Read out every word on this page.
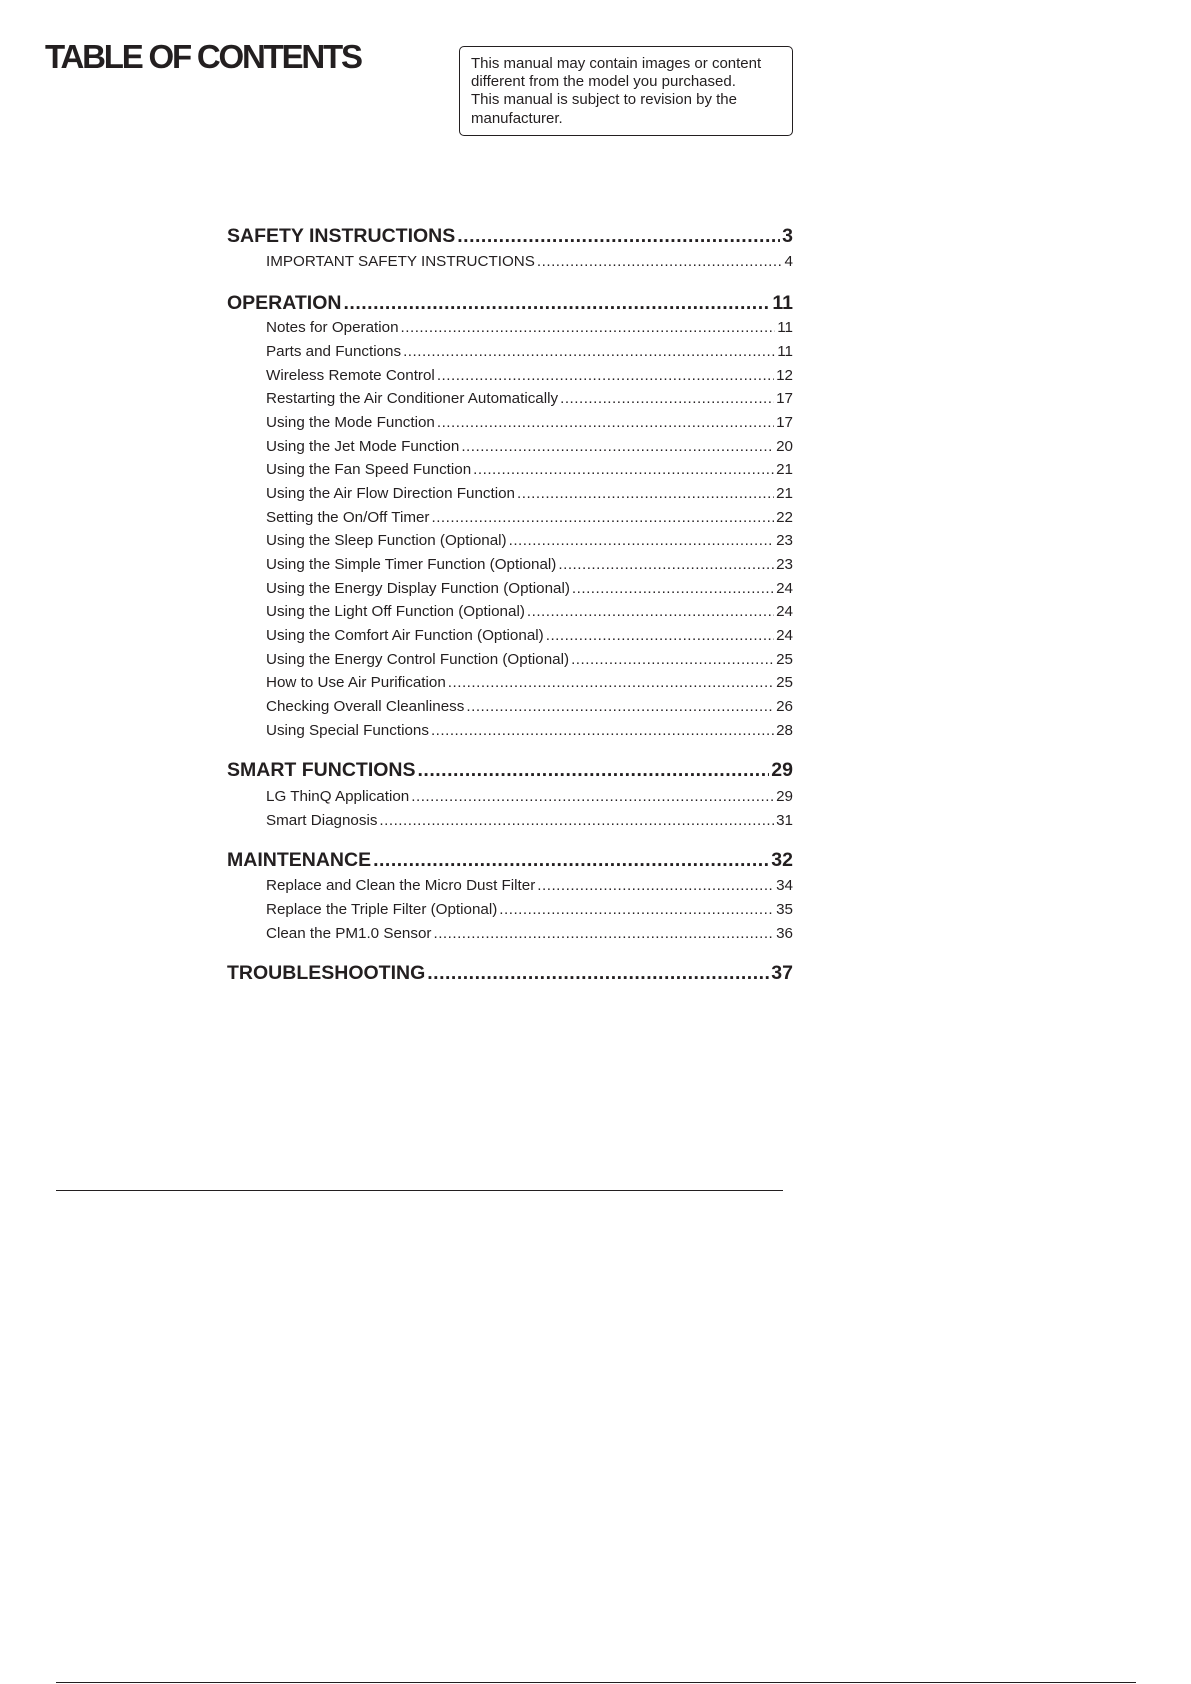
TABLE OF CONTENTS	This manual may contain images or content
different from the model you purchased.
This manual is subject to revision by the
manufacturer.
SAFETY INSTRUCTIONS .....	3
IMPORTANT SAFETY INSTRUCTIONS .....	4
OPERATION .....	11
Notes for Operation .....	11
Parts and Functions .....	11
Wireless Remote Control .....	12
Restarting the Air Conditioner Automatically .....	17
Using the Mode Function .....	17
Using the Jet Mode Function .....	20
Using the Fan Speed Function .....	21
Using the Air Flow Direction Function .....	21
Setting the On/Off Timer .....	22
Using the Sleep Function (Optional) .....	23
Using the Simple Timer Function (Optional) .....	23
Using the Energy Display Function (Optional) .....	24
Using the Light Off Function (Optional) .....	24
Using the Comfort Air Function (Optional) .....	24
Using the Energy Control Function (Optional) .....	25
How to Use Air Purification .....	25
Checking Overall Cleanliness .....	26
Using Special Functions .....	28
SMART FUNCTIONS .....	29
LG ThinQ Application .....	29
Smart Diagnosis .....	31
MAINTENANCE .....	32
Replace and Clean the Micro Dust Filter .....	34
Replace the Triple Filter (Optional) .....	35
Clean the PM1.0 Sensor .....	36
TROUBLESHOOTING .....	37
